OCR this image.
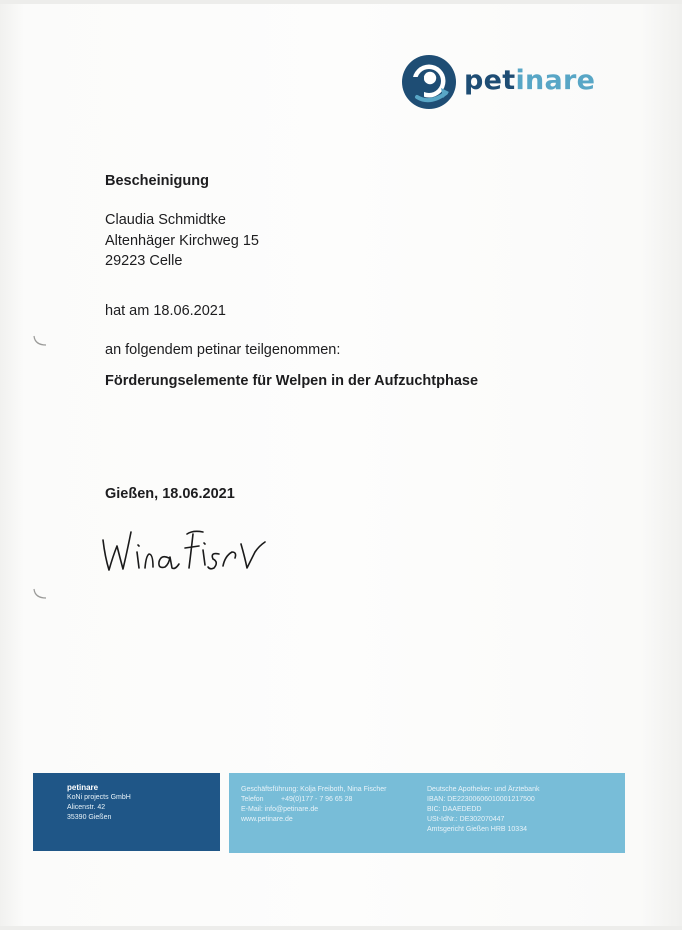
petinare
Bescheinigung
Claudia Schmidtke
Altenhäger Kirchweg 15
29223 Celle
hat am 18.06.2021
an folgendem petinar teilgenommen:
Förderungselemente für Welpen in der Aufzuchtphase
Gießen, 18.06.2021
petinare
KoNi projects GmbH
Alicenstr. 42
35390 Gießen
Geschäftsführung: Kolja Freiboth, Nina Fischer
Telefon +49(0)177 - 7 96 65 28
E-Mail: info@petinare.de
www.petinare.de
Deutsche Apotheker- und Ärztebank
IBAN: DE22300606010001217500
BIC: DAAEDEDD
USt-IdNr.: DE302070447
Amtsgericht Gießen HRB 10334
